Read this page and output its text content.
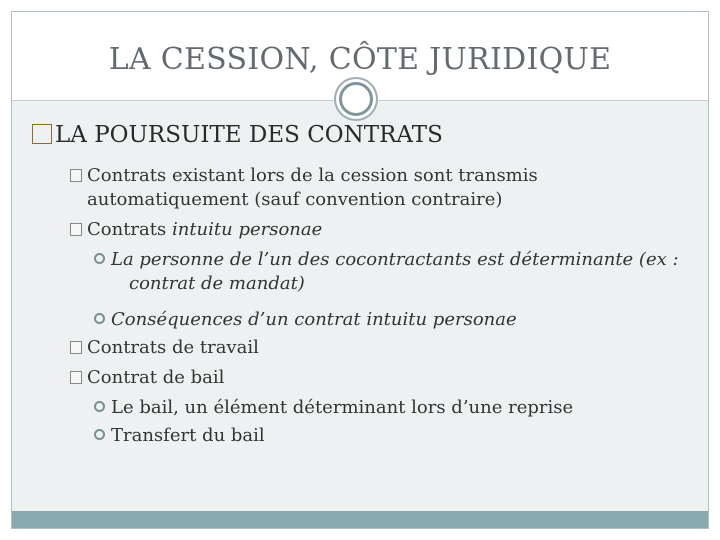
LA CESSION, CÔTE JURIDIQUE
LA POURSUITE DES CONTRATS
Contrats existant lors de la cession sont transmis
automatiquement (sauf convention contraire)
Contrats intuitu personae
La personne de l’un des cocontractants est déterminante (ex :
contrat de mandat)
Conséquences d’un contrat intuitu personae
Contrats de travail
Contrat de bail
Le bail, un élément déterminant lors d’une reprise
Transfert du bail
